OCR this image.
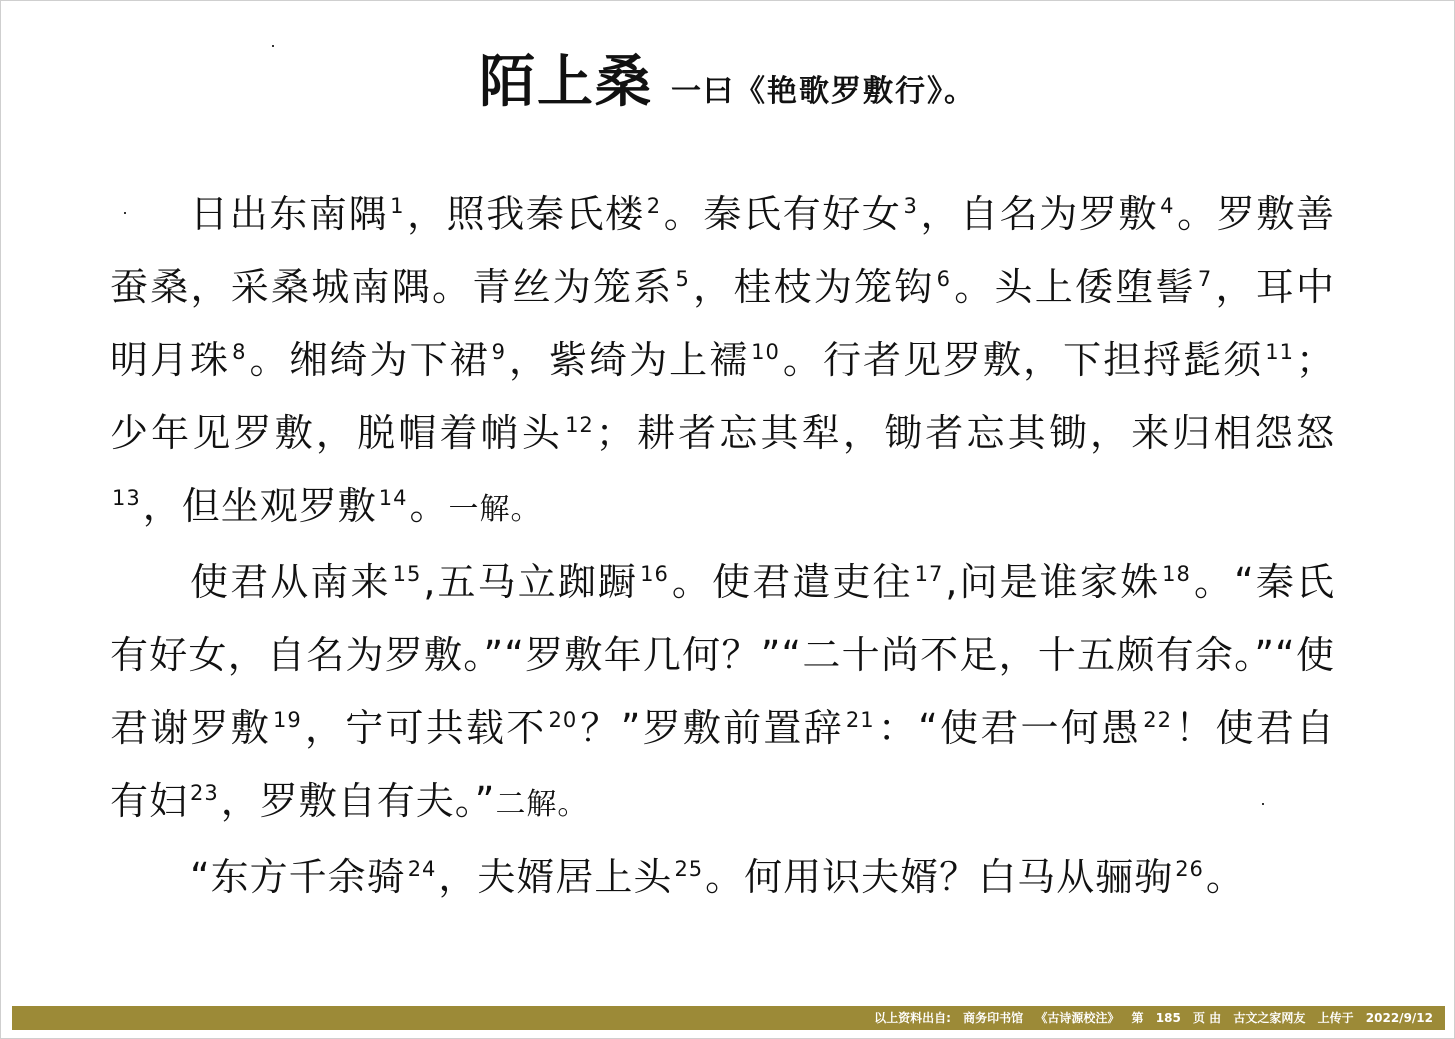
陌上桑 一曰《艳歌罗敷行》。

日出东南隅$^1$，照我秦氏楼$^2$。秦氏有好女$^3$，自名为罗敷$^4$。罗敷善蚕桑，采桑城南隅。青丝为笼系$^5$，桂枝为笼钩$^6$。头上倭堕髻$^7$，耳中明月珠$^8$。缃绮为下裙$^9$，紫绮为上襦$^{10}$。行者见罗敷，下担捋髭须$^{11}$；少年见罗敷，脱帽着帩头$^{12}$；耕者忘其犁，锄者忘其锄，来归相怨怒$^{13}$，但坐观罗敷$^{14}$。一解。

使君从南来$^{15}$,五马立踟蹰$^{16}$。使君遣吏往$^{17}$,问是谁家姝$^{18}$。“秦氏有好女，自名为罗敷。”“罗敷年几何？”“二十尚不足，十五颇有余。”“使君谢罗敷$^{19}$，宁可共载不$^{20}$？”罗敷前置辞$^{21}$：“使君一何愚$^{22}$！使君自有妇$^{23}$，罗敷自有夫。”二解。

“东方千余骑$^{24}$，夫婿居上头$^{25}$。何用识夫婿？白马从骊驹$^{26}$。

以上资料出自: 商务印书馆 《古诗源校注》 第 185 页 由 古文之家网友 上传于 2022/9/12
